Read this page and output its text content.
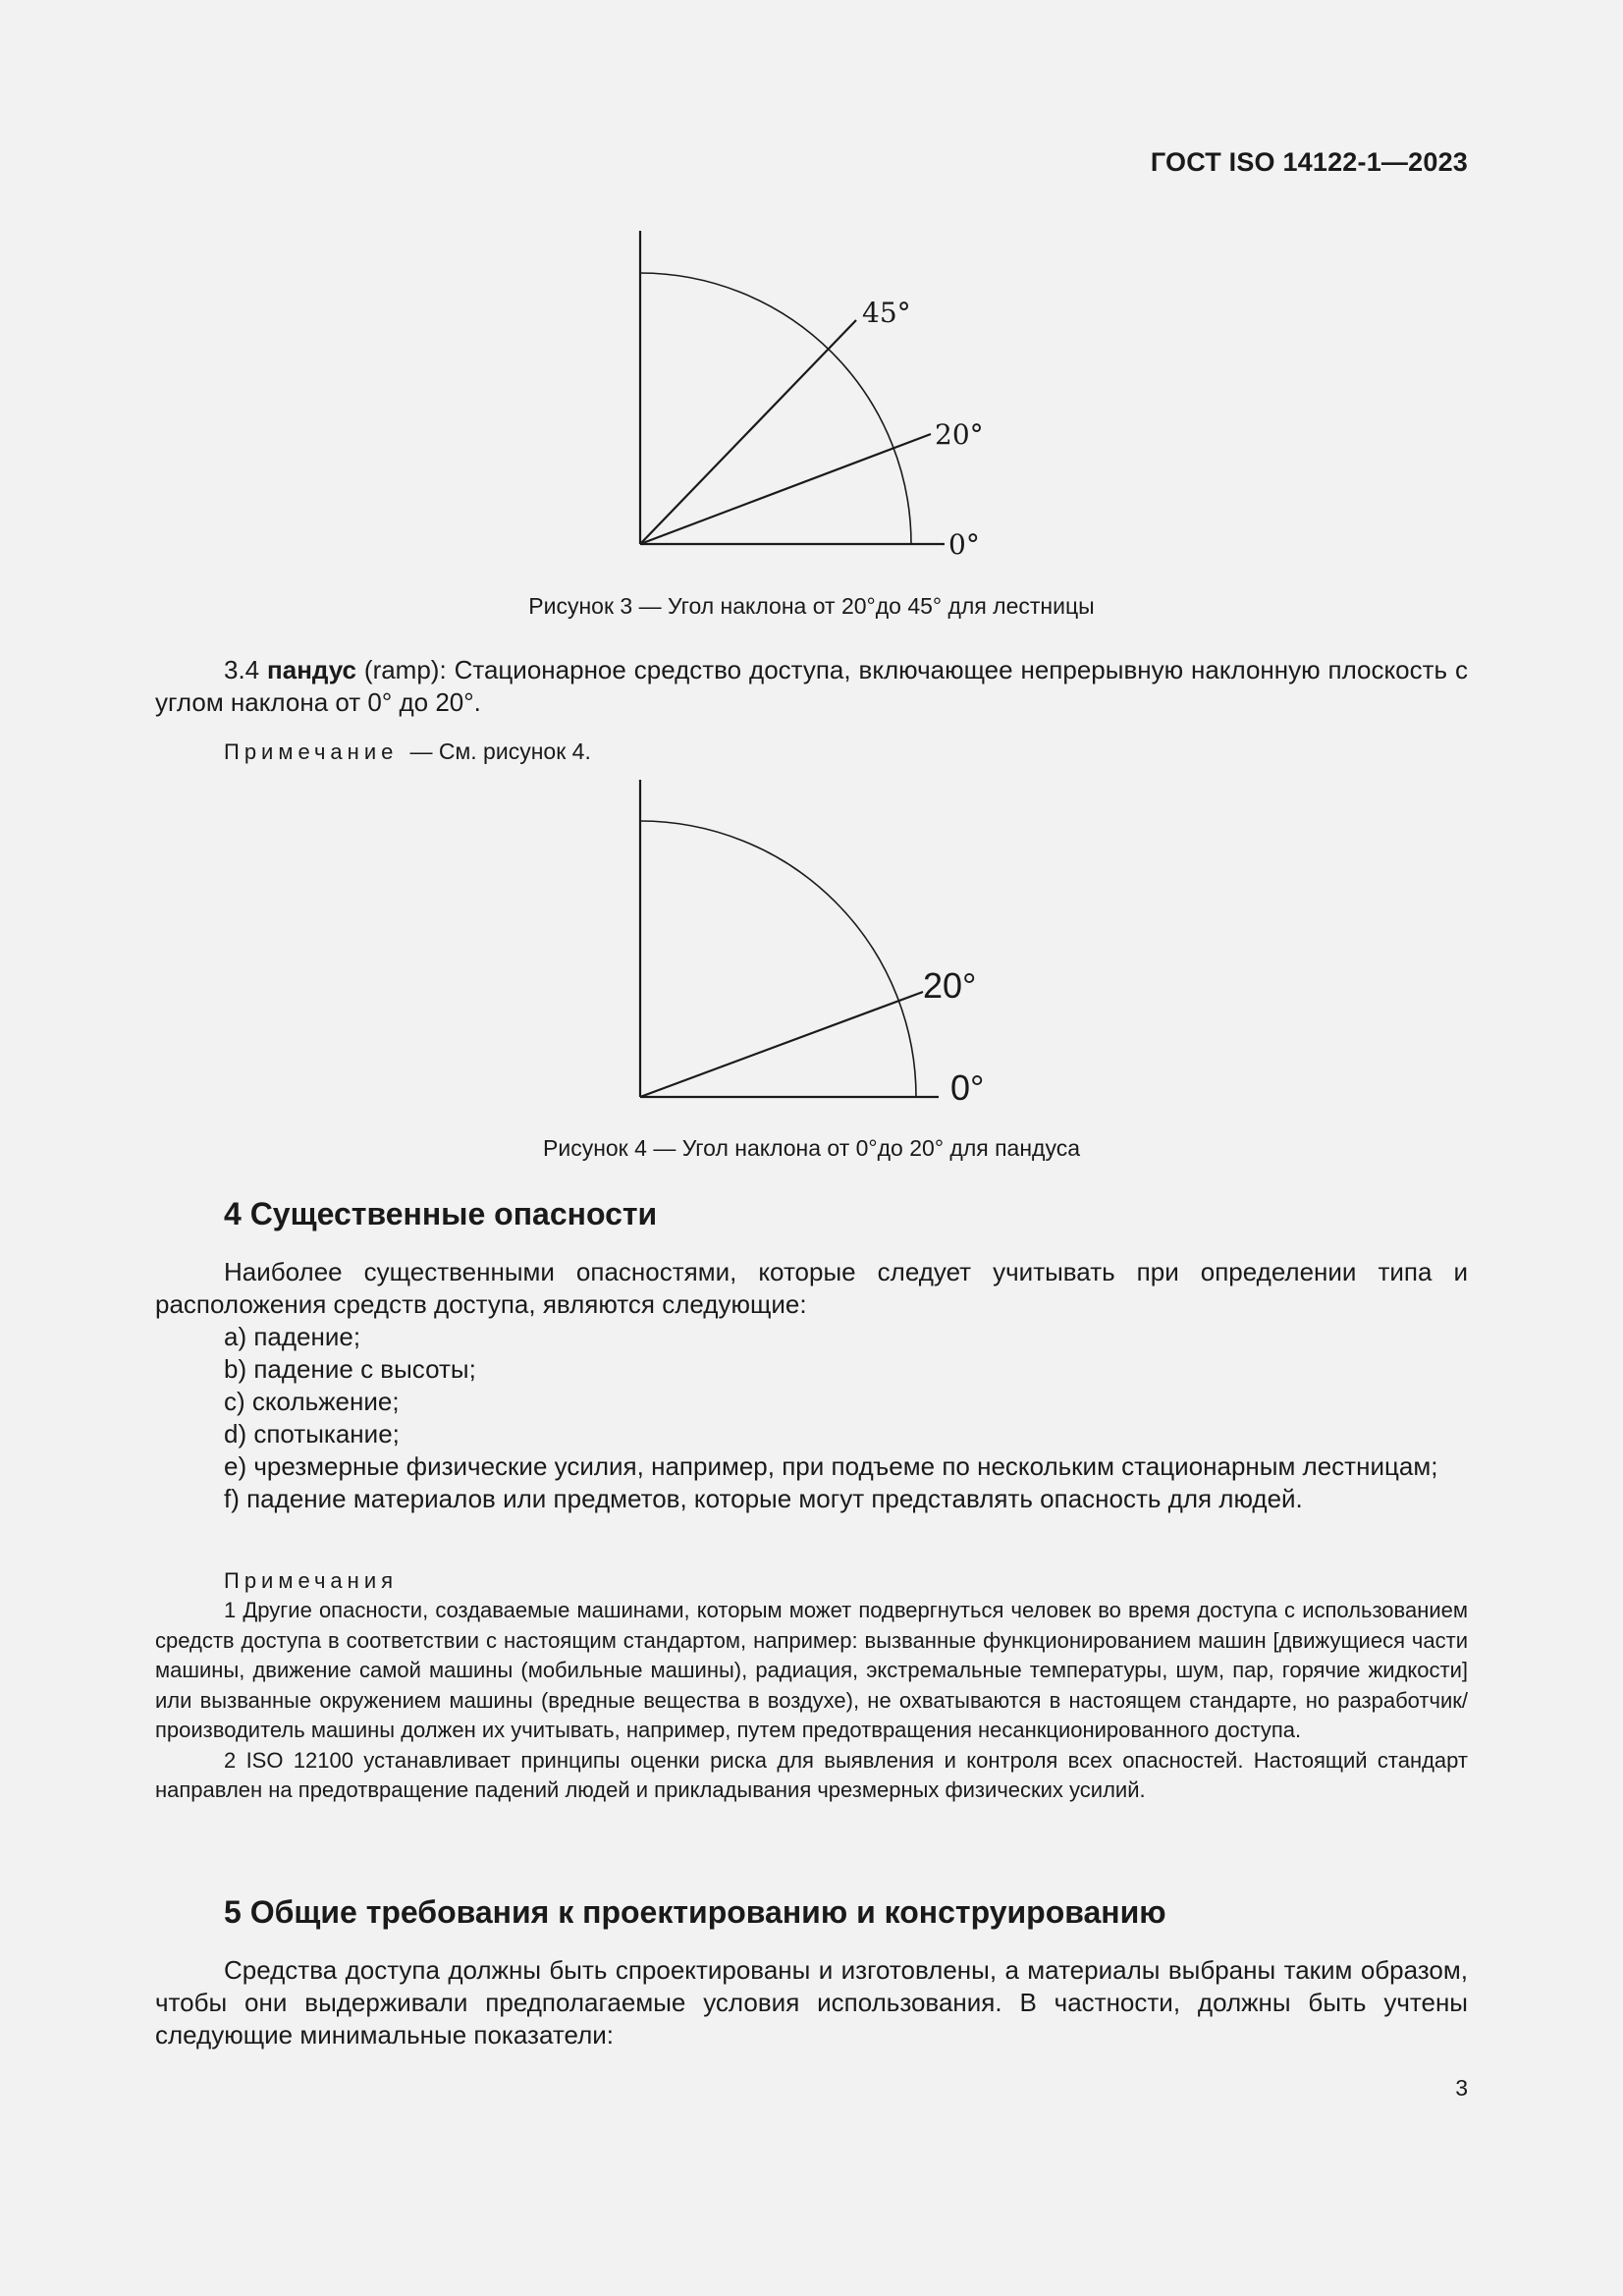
ГОСТ ISO 14122-1—2023
45°
20°
0°
Рисунок 3 — Угол наклона от 20°до 45° для лестницы

3.4 пандус (ramp): Стационарное средство доступа, включающее непрерывную наклонную плоскость с углом наклона от 0° до 20°.

Примечание — См. рисунок 4.
20°
0°
Рисунок 4 — Угол наклона от 0°до 20° для пандуса
4 Существенные опасности

Наиболее существенными опасностями, которые следует учитывать при определении типа и расположения средств доступа, являются следующие:

a) падение;

b) падение с высоты;

c) скольжение;

d) спотыкание;

e) чрезмерные физические усилия, например, при подъеме по нескольким стационарным лестницам;

f) падение материалов или предметов, которые могут представлять опасность для людей.

Примечания

1 Другие опасности, создаваемые машинами, которым может подвергнуться человек во время доступа с использованием средств доступа в соответствии с настоящим стандартом, например: вызванные функционированием машин [движущиеся части машины, движение самой машины (мобильные машины), радиация, экстремальные температуры, шум, пар, горячие жидкости] или вызванные окружением машины (вредные вещества в воздухе), не охватываются в настоящем стандарте, но разработчик/производитель машины должен их учитывать, например, путем предотвращения несанкционированного доступа.

2 ISO 12100 устанавливает принципы оценки риска для выявления и контроля всех опасностей. Настоящий стандарт направлен на предотвращение падений людей и прикладывания чрезмерных физических усилий.

5 Общие требования к проектированию и конструированию

Средства доступа должны быть спроектированы и изготовлены, а материалы выбраны таким образом, чтобы они выдерживали предполагаемые условия использования. В частности, должны быть учтены следующие минимальные показатели:

3
